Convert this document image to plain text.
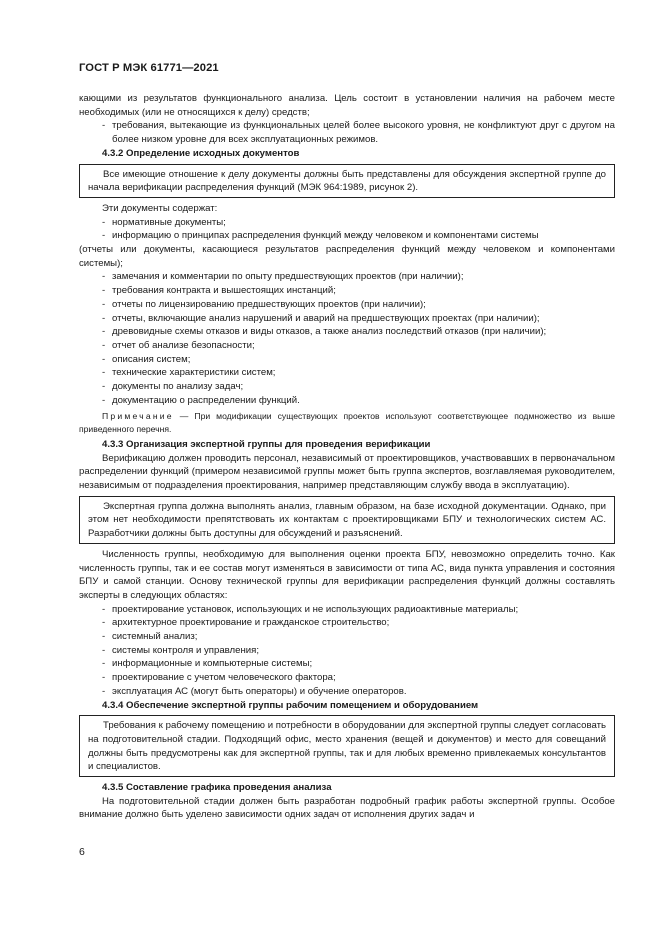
ГОСТ Р МЭК 61771—2021

кающими из результатов функционального анализа. Цель состоит в установлении наличия на рабочем месте необходимых (или не относящихся к делу) средств;

- требования, вытекающие из функциональных целей более высокого уровня, не конфликтуют друг с другом на более низком уровне для всех эксплуатационных режимов.
4.3.2 Определение исходных документов

Все имеющие отношение к делу документы должны быть представлены для обсуждения экспертной группе до начала верификации распределения функций (МЭК 964:1989, рисунок 2).

Эти документы содержат:

- нормативные документы;
- информацию о принципах распределения функций между человеком и компонентами системы

(отчеты или документы, касающиеся результатов распределения функций между человеком и компонентами системы);

- замечания и комментарии по опыту предшествующих проектов (при наличии);
- требования контракта и вышестоящих инстанций;
- отчеты по лицензированию предшествующих проектов (при наличии);
- отчеты, включающие анализ нарушений и аварий на предшествующих проектах (при наличии);
- древовидные схемы отказов и виды отказов, а также анализ последствий отказов (при наличии);
- отчет об анализе безопасности;
- описания систем;
- технические характеристики систем;
- документы по анализу задач;
- документацию о распределении функций.

Примечание — При модификации существующих проектов используют соответствующее подмножество из выше приведенного перечня.

4.3.3 Организация экспертной группы для проведения верификации

Верификацию должен проводить персонал, независимый от проектировщиков, участвовавших в первоначальном распределении функций (примером независимой группы может быть группа экспертов, возглавляемая руководителем, независимым от подразделения проектирования, например представляющим службу ввода в эксплуатацию).

Экспертная группа должна выполнять анализ, главным образом, на базе исходной документации. Однако, при этом нет необходимости препятствовать их контактам с проектировщиками БПУ и технологических систем АС. Разработчики должны быть доступны для обсуждений и разъяснений.

Численность группы, необходимую для выполнения оценки проекта БПУ, невозможно определить точно. Как численность группы, так и ее состав могут изменяться в зависимости от типа АС, вида пункта управления и состояния БПУ и самой станции. Основу технической группы для верификации распределения функций должны составлять эксперты в следующих областях:

- проектирование установок, использующих и не использующих радиоактивные материалы;
- архитектурное проектирование и гражданское строительство;
- системный анализ;
- системы контроля и управления;
- информационные и компьютерные системы;
- проектирование с учетом человеческого фактора;
- эксплуатация АС (могут быть операторы) и обучение операторов.
4.3.4 Обеспечение экспертной группы рабочим помещением и оборудованием

Требования к рабочему помещению и потребности в оборудовании для экспертной группы следует согласовать на подготовительной стадии. Подходящий офис, место хранения (вещей и документов) и место для совещаний должны быть предусмотрены как для экспертной группы, так и для любых временно привлекаемых консультантов и специалистов.

4.3.5 Составление графика проведения анализа

На подготовительной стадии должен быть разработан подробный график работы экспертной группы. Особое внимание должно быть уделено зависимости одних задач от исполнения других задач и

6
